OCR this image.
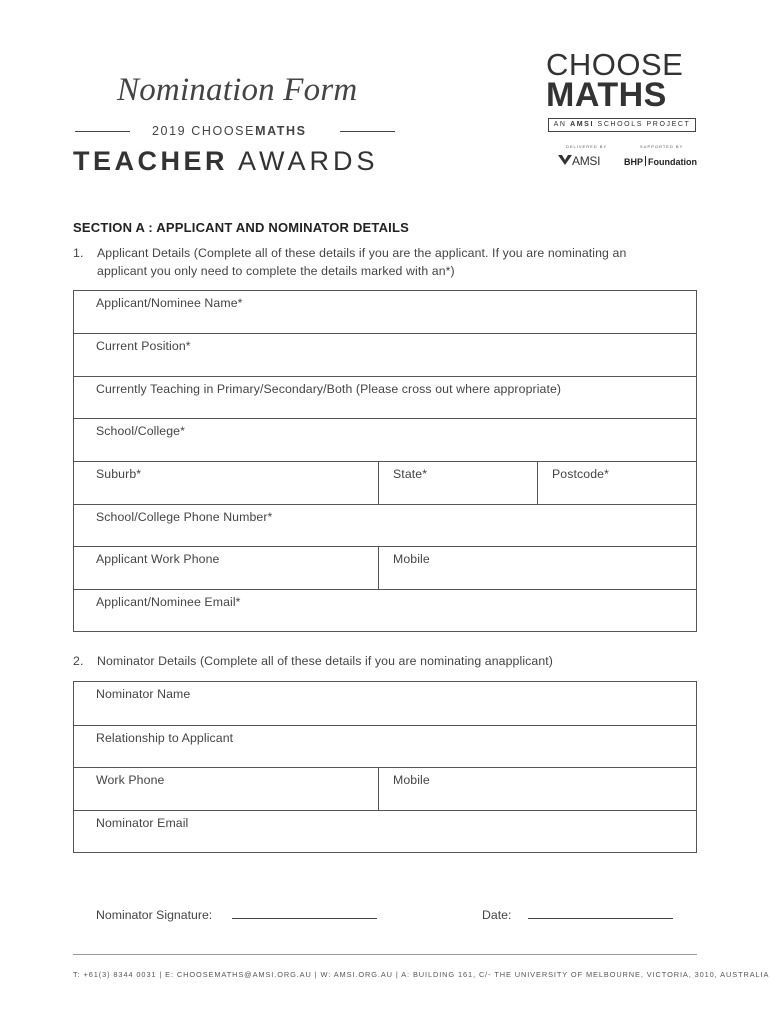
Nomination Form
2019 CHOOSEMATHS
TEACHER AWARDS
CHOOSE
MATHS
AN AMSI SCHOOLS PROJECT
DELIVERED BY	SUPPORTED BY
AMSI	BHP Foundation
SECTION A : APPLICANT AND NOMINATOR DETAILS
1. Applicant Details (Complete all of these details if you are the applicant. If you are nominating an applicant you only need to complete the details marked with an*)
Applicant/Nominee Name*
Current Position*
Currently Teaching in Primary/Secondary/Both (Please cross out where appropriate)
School/College*
Suburb*	State*	Postcode*
School/College Phone Number*
Applicant Work Phone	Mobile
Applicant/Nominee Email*
2. Nominator Details (Complete all of these details if you are nominating anapplicant)
Nominator Name
Relationship to Applicant
Work Phone	Mobile
Nominator Email
Nominator Signature:	Date:
T: +61(3) 8344 0031 | E: CHOOSEMATHS@AMSI.ORG.AU | W: AMSI.ORG.AU | A: BUILDING 161, C/- THE UNIVERSITY OF MELBOURNE, VICTORIA, 3010, AUSTRALIA
